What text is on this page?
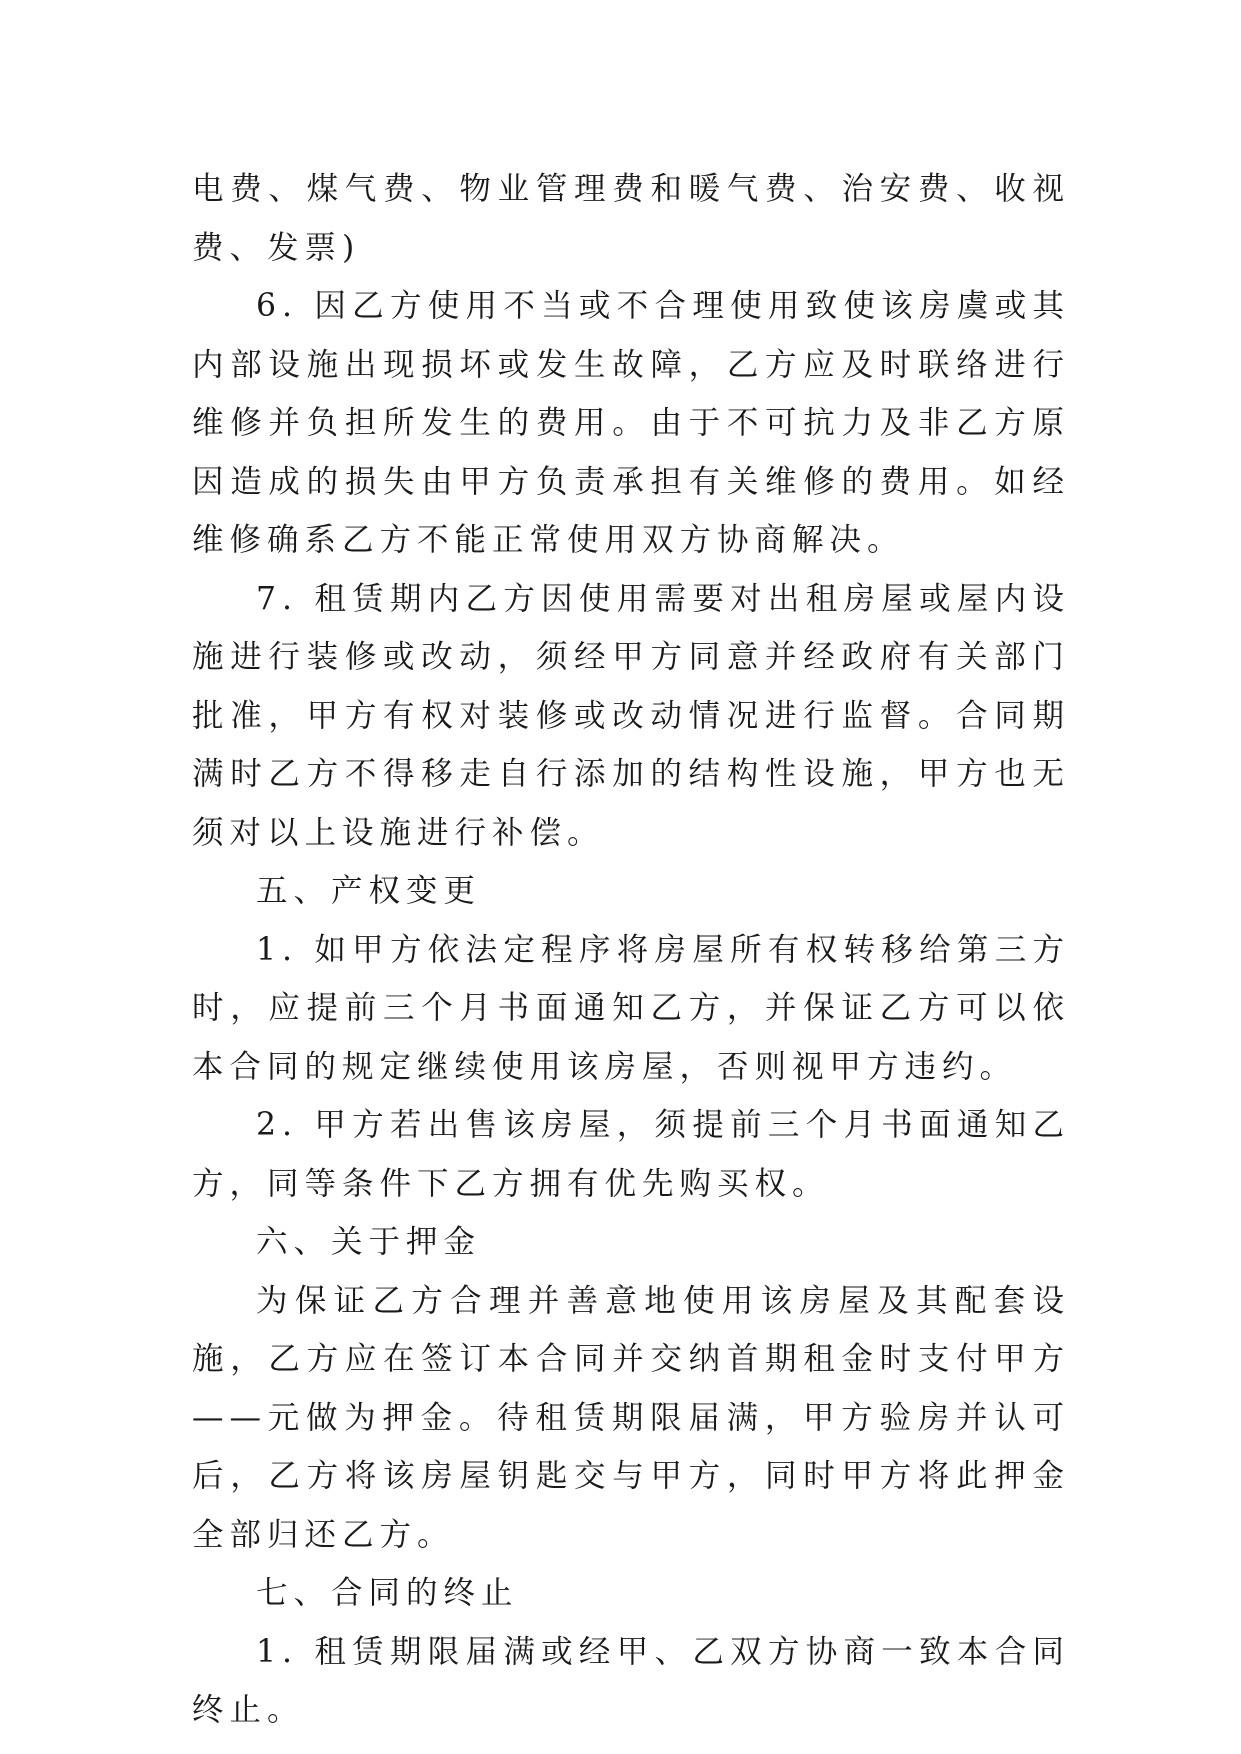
电费、煤气费、物业管理费和暖气费、治安费、收视费、发票)

6. 因乙方使用不当或不合理使用致使该房虞或其内部设施出现损坏或发生故障，乙方应及时联络进行维修并负担所发生的费用。由于不可抗力及非乙方原因造成的损失由甲方负责承担有关维修的费用。如经维修确系乙方不能正常使用双方协商解决。

7. 租赁期内乙方因使用需要对出租房屋或屋内设施进行装修或改动，须经甲方同意并经政府有关部门批准，甲方有权对装修或改动情况进行监督。合同期满时乙方不得移走自行添加的结构性设施，甲方也无须对以上设施进行补偿。

五、产权变更

1. 如甲方依法定程序将房屋所有权转移给第三方时，应提前三个月书面通知乙方，并保证乙方可以依本合同的规定继续使用该房屋，否则视甲方违约。

2. 甲方若出售该房屋，须提前三个月书面通知乙方，同等条件下乙方拥有优先购买权。

六、关于押金

为保证乙方合理并善意地使用该房屋及其配套设施，乙方应在签订本合同并交纳首期租金时支付甲方——元做为押金。待租赁期限届满，甲方验房并认可后，乙方将该房屋钥匙交与甲方，同时甲方将此押金全部归还乙方。

七、合同的终止

1. 租赁期限届满或经甲、乙双方协商一致本合同终止。
